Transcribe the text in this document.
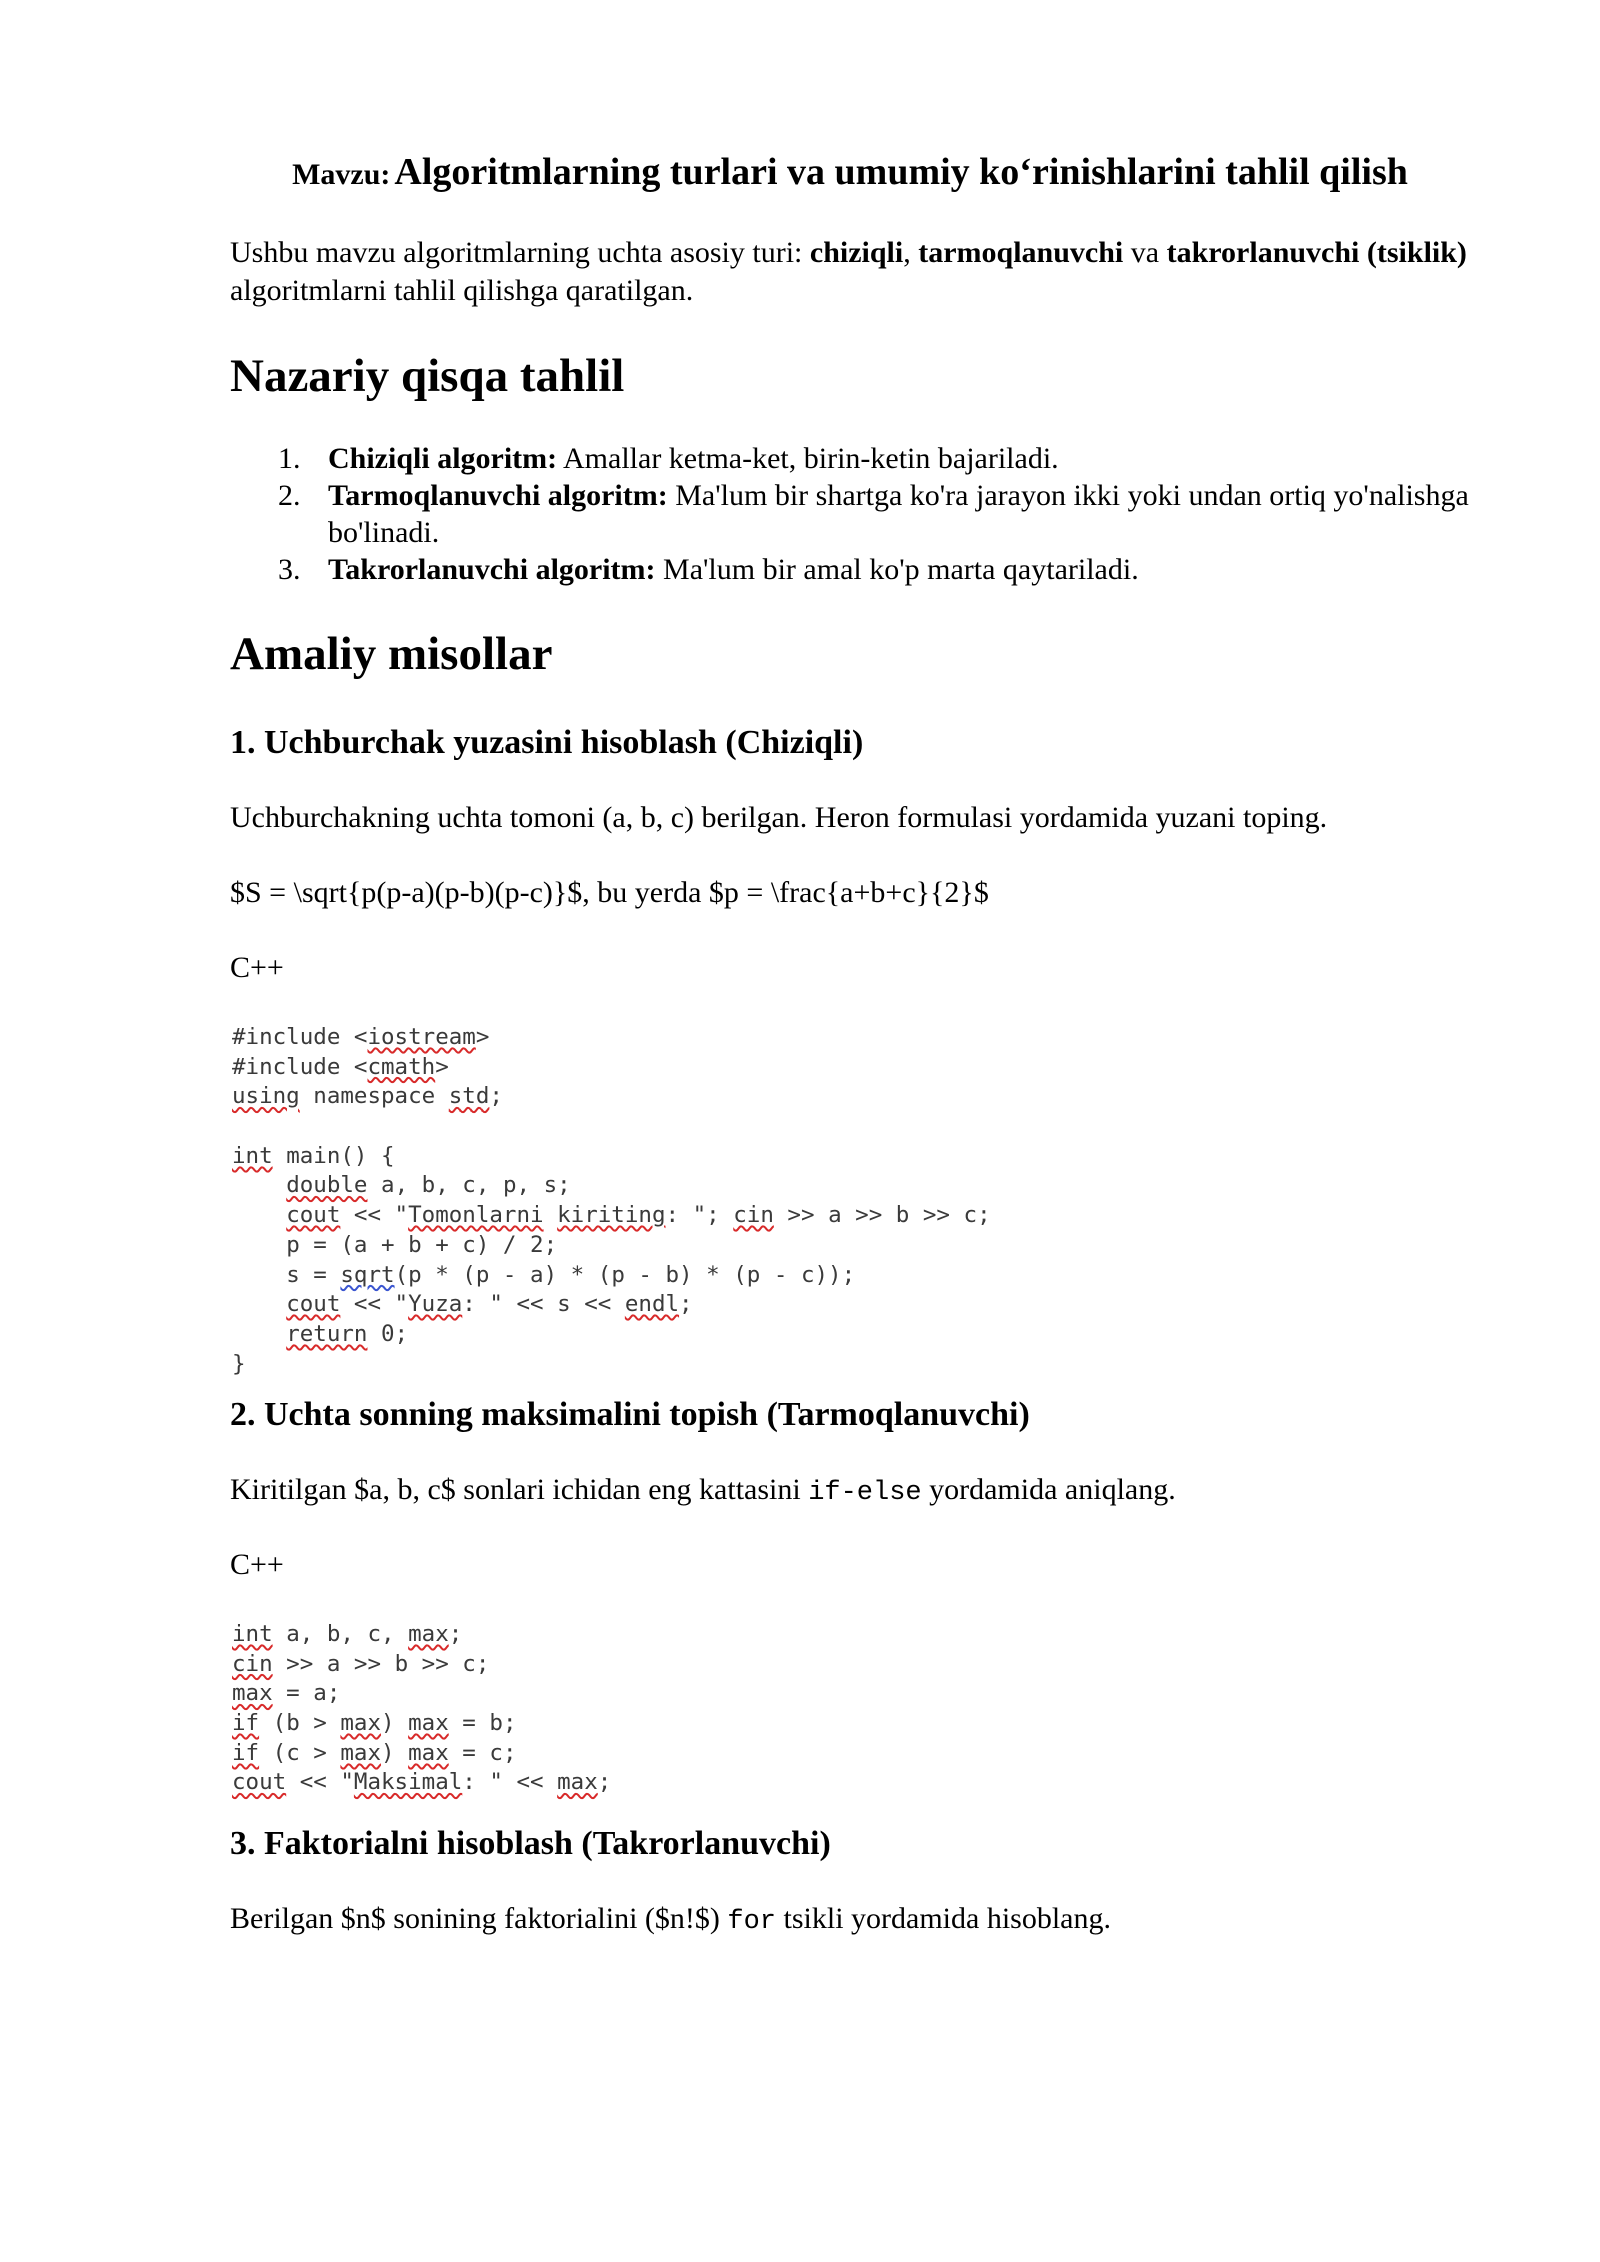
Mavzu: Algoritmlarning turlari va umumiy ko‘rinishlarini tahlil qilish
Ushbu mavzu algoritmlarning uchta asosiy turi: chiziqli, tarmoqlanuvchi va takrorlanuvchi (tsiklik) algoritmlarni tahlil qilishga qaratilgan.
Nazariy qisqa tahlil
1. Chiziqli algoritm: Amallar ketma-ket, birin-ketin bajariladi.
2. Tarmoqlanuvchi algoritm: Ma'lum bir shartga ko'ra jarayon ikki yoki undan ortiq yo'nalishga bo'linadi.
3. Takrorlanuvchi algoritm: Ma'lum bir amal ko'p marta qaytariladi.
Amaliy misollar
1. Uchburchak yuzasini hisoblash (Chiziqli)
Uchburchakning uchta tomoni (a, b, c) berilgan. Heron formulasi yordamida yuzani toping.
$S = \sqrt{p(p-a)(p-b)(p-c)}$, bu yerda $p = \frac{a+b+c}{2}$
C++
#include <iostream>
#include <cmath>
using namespace std;

int main() {
double a, b, c, p, s;
cout << "Tomonlarni kiriting: "; cin >> a >> b >> c;
p = (a + b + c) / 2;
s = sqrt(p * (p - a) * (p - b) * (p - c));
cout << "Yuza: " << s << endl;
return 0;
}
2. Uchta sonning maksimalini topish (Tarmoqlanuvchi)
Kiritilgan $a, b, c$ sonlari ichidan eng kattasini if-else yordamida aniqlang.
C++
int a, b, c, max;
cin >> a >> b >> c;
max = a;
if (b > max) max = b;
if (c > max) max = c;
cout << "Maksimal: " << max;
3. Faktorialni hisoblash (Takrorlanuvchi)
Berilgan $n$ sonining faktorialini ($n!$) for tsikli yordamida hisoblang.
